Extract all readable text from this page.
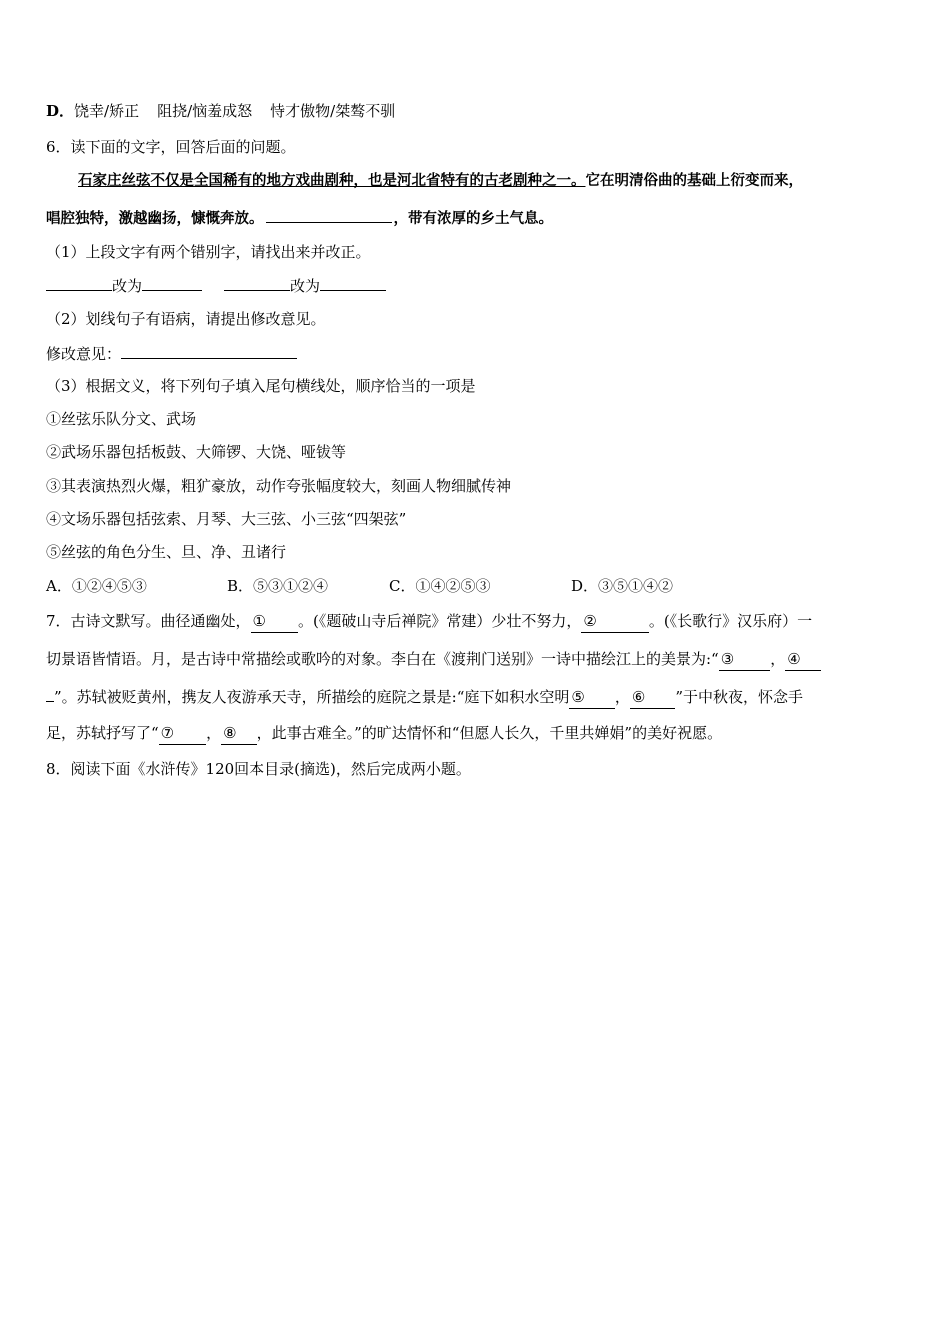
D．饶幸/矫正 阻挠/恼羞成怒 恃才傲物/桀骜不驯
6．读下面的文字，回答后面的问题。
石家庄丝弦不仅是全国稀有的地方戏曲剧种，也是河北省特有的古老剧种之一。它在明清俗曲的基础上衍变而来，
唱腔独特，激越幽扬，慷慨奔放。	，带有浓厚的乡土气息。
（1）上段文字有两个错别字，请找出来并改正。
改为	改为
（2）划线句子有语病，请提出修改意见。
修改意见：
（3）根据文义，将下列句子填入尾句横线处，顺序恰当的一项是
①丝弦乐队分文、武场
②武场乐器包括板鼓、大筛锣、大饶、哑钹等
③其表演热烈火爆，粗犷豪放，动作夸张幅度较大，刻画人物细腻传神
④文场乐器包括弦索、月琴、大三弦、小三弦“四架弦”
⑤丝弦的角色分生、旦、净、丑诸行
A．①②④⑤③	B．⑤③①②④	C．①④②⑤③	D．③⑤①④②
7．古诗文默写。曲径通幽处， ① 。(《题破山寺后禅院》常建）少壮不努力， ②	。(《长歌行》汉乐府）一
切景语皆情语。月，是古诗中常描绘或歌吟的对象。李白在《渡荆门送别》一诗中描绘江上的美景为:“ ③ ， ④
”。苏轼被贬黄州，携友人夜游承天寺，所描绘的庭院之景是:“庭下如积水空明 ⑤ ， ⑥ ”于中秋夜，怀念手
足，苏轼抒写了“ ⑦ ， ⑧ ，此事古难全。”的旷达情怀和“但愿人长久，千里共婵娟”的美好祝愿。
8．阅读下面《水浒传》120回本目录(摘选)，然后完成两小题。
